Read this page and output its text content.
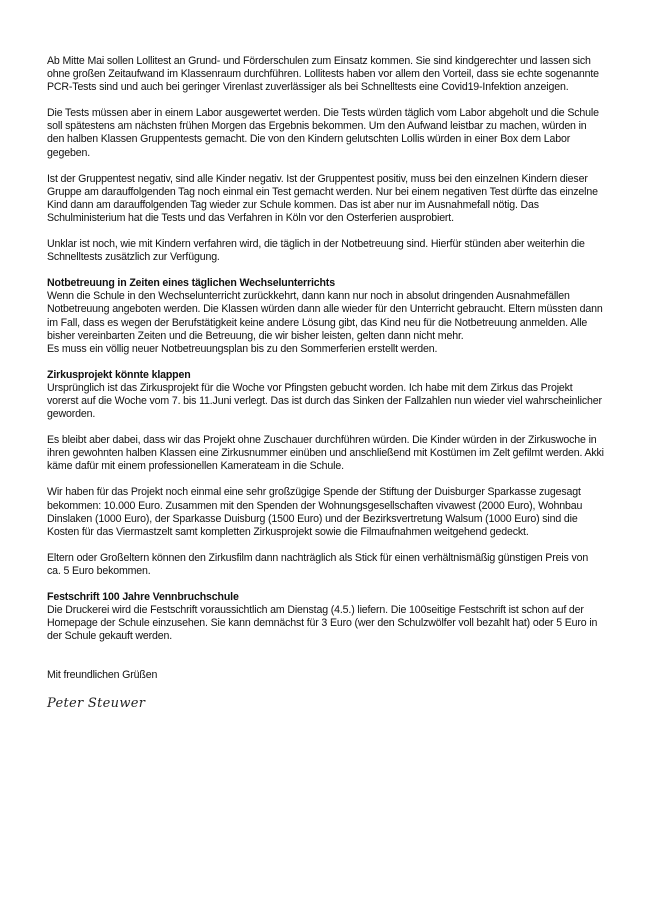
Ab Mitte Mai sollen Lollitest an Grund- und Förderschulen zum Einsatz kommen. Sie sind kindgerechter und lassen sich ohne großen Zeitaufwand im Klassenraum durchführen. Lollitests haben vor allem den Vorteil, dass sie echte sogenannte PCR-Tests sind und auch bei geringer Virenlast zuverlässiger als bei Schnelltests eine Covid19-Infektion anzeigen.

Die Tests müssen aber in einem Labor ausgewertet werden. Die Tests würden täglich vom Labor abgeholt und die Schule soll spätestens am nächsten frühen Morgen das Ergebnis bekommen. Um den Aufwand leistbar zu machen, würden in den halben Klassen Gruppentests gemacht. Die von den Kindern gelutschten Lollis würden in einer Box dem Labor gegeben.

Ist der Gruppentest negativ, sind alle Kinder negativ. Ist der Gruppentest positiv, muss bei den einzelnen Kindern dieser Gruppe am darauffolgenden Tag noch einmal ein Test gemacht werden. Nur bei einem negativen Test dürfte das einzelne Kind dann am darauffolgenden Tag wieder zur Schule kommen. Das ist aber nur im Ausnahmefall nötig. Das Schulministerium hat die Tests und das Verfahren in Köln vor den Osterferien ausprobiert.

Unklar ist noch, wie mit Kindern verfahren wird, die täglich in der Notbetreuung sind. Hierfür stünden aber weiterhin die Schnelltests zusätzlich zur Verfügung.

Notbetreuung in Zeiten eines täglichen Wechselunterrichts

Wenn die Schule in den Wechselunterricht zurückkehrt, dann kann nur noch in absolut dringenden Ausnahmefällen Notbetreuung angeboten werden. Die Klassen würden dann alle wieder für den Unterricht gebraucht. Eltern müssten dann im Fall, dass es wegen der Berufstätigkeit keine andere Lösung gibt, das Kind neu für die Notbetreuung anmelden. Alle bisher vereinbarten Zeiten und die Betreuung, die wir bisher leisten, gelten dann nicht mehr.

Es muss ein völlig neuer Notbetreuungsplan bis zu den Sommerferien erstellt werden.

Zirkusprojekt könnte klappen

Ursprünglich ist das Zirkusprojekt für die Woche vor Pfingsten gebucht worden. Ich habe mit dem Zirkus das Projekt vorerst auf die Woche vom 7. bis 11.Juni verlegt. Das ist durch das Sinken der Fallzahlen nun wieder viel wahrscheinlicher geworden.

Es bleibt aber dabei, dass wir das Projekt ohne Zuschauer durchführen würden. Die Kinder würden in der Zirkuswoche in ihren gewohnten halben Klassen eine Zirkusnummer einüben und anschließend mit Kostümen im Zelt gefilmt werden. Akki käme dafür mit einem professionellen Kamerateam in die Schule.

Wir haben für das Projekt noch einmal eine sehr großzügige Spende der Stiftung der Duisburger Sparkasse zugesagt bekommen: 10.000 Euro. Zusammen mit den Spenden der Wohnungsgesellschaften vivawest (2000 Euro), Wohnbau Dinslaken (1000 Euro), der Sparkasse Duisburg (1500 Euro) und der Bezirksvertretung Walsum (1000 Euro) sind die Kosten für das Viermastzelt samt kompletten Zirkusprojekt sowie die Filmaufnahmen weitgehend gedeckt.

Eltern oder Großeltern können den Zirkusfilm dann nachträglich als Stick für einen verhältnismäßig günstigen Preis von ca. 5 Euro bekommen.

Festschrift 100 Jahre Vennbruchschule

Die Druckerei wird die Festschrift voraussichtlich am Dienstag (4.5.) liefern. Die 100seitige Festschrift ist schon auf der Homepage der Schule einzusehen. Sie kann demnächst für 3 Euro (wer den Schulzwölfer voll bezahlt hat) oder 5 Euro in der Schule gekauft werden.

Mit freundlichen Grüßen

Peter Steuwer
